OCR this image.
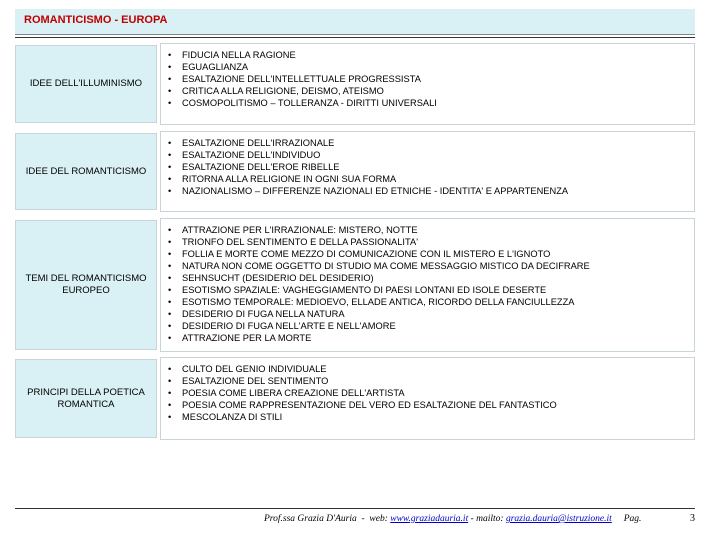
ROMANTICISMO - EUROPA
IDEE DELL'ILLUMINISMO
• FIDUCIA NELLA RAGIONE
• EGUAGLIANZA
• ESALTAZIONE DELL'INTELLETTUALE PROGRESSISTA
• CRITICA ALLA RELIGIONE, DEISMO, ATEISMO
• COSMOPOLITISMO – TOLLERANZA - DIRITTI UNIVERSALI
IDEE DEL ROMANTICISMO
• ESALTAZIONE DELL'IRRAZIONALE
• ESALTAZIONE DELL'INDIVIDUO
• ESALTAZIONE DELL'EROE RIBELLE
• RITORNA ALLA RELIGIONE IN OGNI SUA FORMA
• NAZIONALISMO – DIFFERENZE NAZIONALI ED ETNICHE - IDENTITA' E APPARTENENZA
TEMI DEL ROMANTICISMO EUROPEO
• ATTRAZIONE PER L'IRRAZIONALE: MISTERO, NOTTE
• TRIONFO DEL SENTIMENTO E DELLA PASSIONALITA'
• FOLLIA E MORTE COME MEZZO DI COMUNICAZIONE CON IL MISTERO E L'IGNOTO
• NATURA NON COME OGGETTO DI STUDIO MA COME MESSAGGIO MISTICO DA DECIFRARE
• SEHNSUCHT (DESIDERIO DEL DESIDERIO)
• ESOTISMO SPAZIALE: VAGHEGGIAMENTO DI PAESI LONTANI ED ISOLE DESERTE
• ESOTISMO TEMPORALE: MEDIOEVO, ELLADE ANTICA, RICORDO DELLA FANCIULLEZZA
• DESIDERIO DI FUGA NELLA NATURA
• DESIDERIO DI FUGA NELL'ARTE E NELL'AMORE
• ATTRAZIONE PER LA MORTE
PRINCIPI DELLA POETICA ROMANTICA
• CULTO DEL GENIO INDIVIDUALE
• ESALTAZIONE DEL SENTIMENTO
• POESIA COME LIBERA CREAZIONE DELL'ARTISTA
• POESIA COME RAPPRESENTAZIONE DEL VERO ED ESALTAZIONE DEL FANTASTICO
• MESCOLANZA DI STILI
Prof.ssa Grazia D'Auria - web: www.graziadauria.it - mailto: grazia.dauria@istruzione.it Pag.	3
